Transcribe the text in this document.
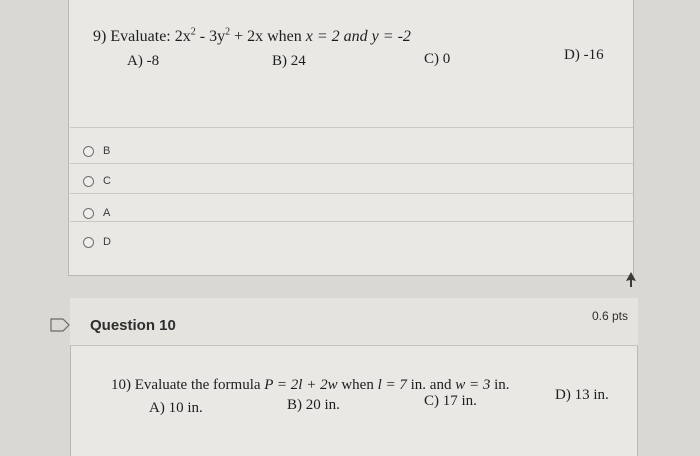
9) Evaluate: $2x^2 - 3y^2 + 2x$ when x = 2 and y = -2
A) -8	B) 24	C) 0	D) -16
B
C
A
D
Question 10
0.6 pts
10) Evaluate the formula P = 2l + 2w when l = 7 in. and w = 3 in.
A) 10 in.	B) 20 in.	C) 17 in.	D) 13 in.
